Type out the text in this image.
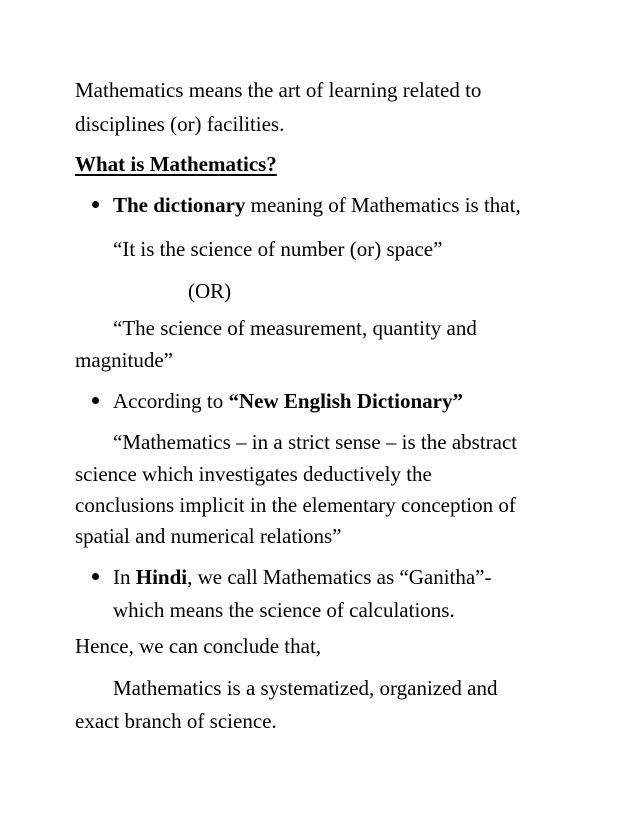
Mathematics means the art of learning related to

disciplines (or) facilities.

What is Mathematics?

The dictionary meaning of Mathematics is that,

“It is the science of number (or) space”

(OR)

“The science of measurement, quantity and

magnitude”

According to “New English Dictionary”

“Mathematics – in a strict sense – is the abstract

science which investigates deductively the

conclusions implicit in the elementary conception of

spatial and numerical relations”

In Hindi, we call Mathematics as “Ganitha”-

which means the science of calculations.

Hence, we can conclude that,

Mathematics is a systematized, organized and

exact branch of science.
